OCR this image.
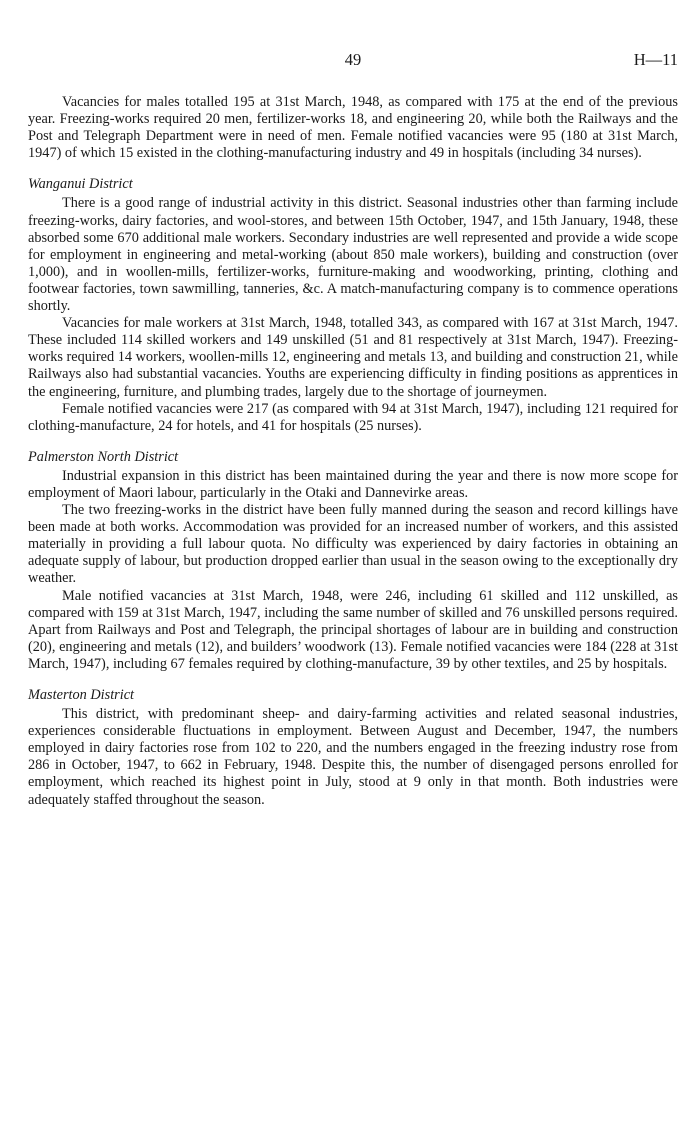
49	H—11

Vacancies for males totalled 195 at 31st March, 1948, as compared with 175 at the end of the previous year. Freezing-works required 20 men, fertilizer-works 18, and engineering 20, while both the Railways and the Post and Telegraph Department were in need of men. Female notified vacancies were 95 (180 at 31st March, 1947) of which 15 existed in the clothing-manufacturing industry and 49 in hospitals (including 34 nurses).

Wanganui District

There is a good range of industrial activity in this district. Seasonal industries other than farming include freezing-works, dairy factories, and wool-stores, and between 15th October, 1947, and 15th January, 1948, these absorbed some 670 additional male workers. Secondary industries are well represented and provide a wide scope for employment in engineering and metal-working (about 850 male workers), building and construction (over 1,000), and in woollen-mills, fertilizer-works, furniture-making and woodworking, printing, clothing and footwear factories, town sawmilling, tanneries, &c. A match-manufacturing company is to commence operations shortly.

Vacancies for male workers at 31st March, 1948, totalled 343, as compared with 167 at 31st March, 1947. These included 114 skilled workers and 149 unskilled (51 and 81 respectively at 31st March, 1947). Freezing-works required 14 workers, woollen-mills 12, engineering and metals 13, and building and construction 21, while Railways also had substantial vacancies. Youths are experiencing difficulty in finding positions as apprentices in the engineering, furniture, and plumbing trades, largely due to the shortage of journeymen.

Female notified vacancies were 217 (as compared with 94 at 31st March, 1947), including 121 required for clothing-manufacture, 24 for hotels, and 41 for hospitals (25 nurses).

Palmerston North District

Industrial expansion in this district has been maintained during the year and there is now more scope for employment of Maori labour, particularly in the Otaki and Dannevirke areas.

The two freezing-works in the district have been fully manned during the season and record killings have been made at both works. Accommodation was provided for an increased number of workers, and this assisted materially in providing a full labour quota. No difficulty was experienced by dairy factories in obtaining an adequate supply of labour, but production dropped earlier than usual in the season owing to the exceptionally dry weather.

Male notified vacancies at 31st March, 1948, were 246, including 61 skilled and 112 unskilled, as compared with 159 at 31st March, 1947, including the same number of skilled and 76 unskilled persons required. Apart from Railways and Post and Telegraph, the principal shortages of labour are in building and construction (20), engineering and metals (12), and builders’ woodwork (13). Female notified vacancies were 184 (228 at 31st March, 1947), including 67 females required by clothing-manufacture, 39 by other textiles, and 25 by hospitals.

Masterton District

This district, with predominant sheep- and dairy-farming activities and related seasonal industries, experiences considerable fluctuations in employment. Between August and December, 1947, the numbers employed in dairy factories rose from 102 to 220, and the numbers engaged in the freezing industry rose from 286 in October, 1947, to 662 in February, 1948. Despite this, the number of disengaged persons enrolled for employment, which reached its highest point in July, stood at 9 only in that month. Both industries were adequately staffed throughout the season.
